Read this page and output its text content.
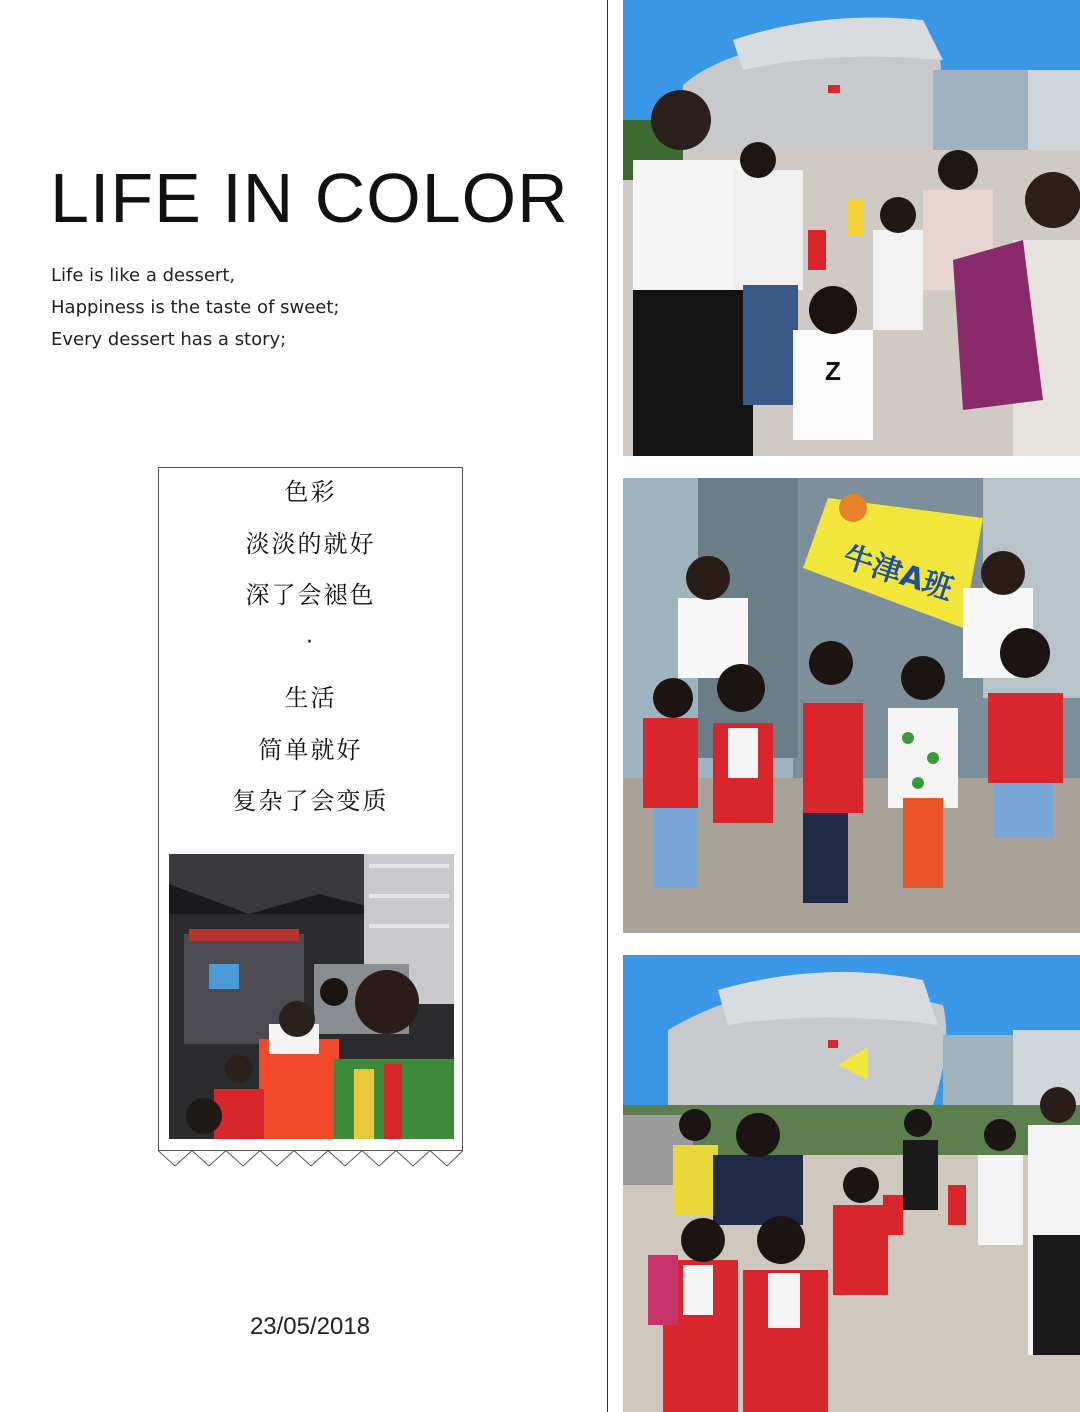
LIFE IN COLOR
Life is like a dessert,
Happiness is the taste of sweet;
Every dessert has a story;
色彩
淡淡的就好
深了会褪色
·
生活
简单就好
复杂了会变质
23/05/2018
Z
牛津A班
